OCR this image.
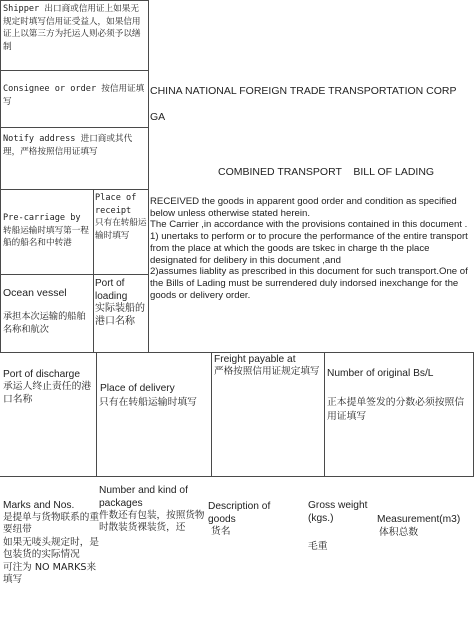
Shipper 出口商或信用证上如果无规定时填写信用证受益人，如果信用证上以第三方为托运人则必须予以缮制
Consignee or order 按信用证填写
Notify address 进口商或其代理，严格按照信用证填写
Pre-carriage by
转船运输时填写第一程船的船名和中转港
Place of receipt
只有在转船运输时填写
Ocean vessel
承担本次运输的船舶名称和航次
Port of loading
实际装船的港口名称
CHINA NATIONAL FOREIGN TRADE TRANSPORTATION CORP
GA
COMBINED TRANSPORT    BILL OF LADING
RECEIVED the goods in apparent good order and condition as specified below unless otherwise stated herein.
The Carrier ,in accordance with the provisions contained in this document .
1) unertaks to perform or to procure the performance of the entire transport from the place at which the goods are tskec in charge th the place designated for delibery in this document ,and
2)assumes liablity as prescribed in this document for such transport.One of the Bills of Lading must be surrendered duly indorsed inexchange for the goods or delivery order.
Port of discharge
承运人终止责任的港口名称
Place of delivery
只有在转船运输时填写
Freight payable at
严格按照信用证规定填写 Number of original Bs/L
正本提单签发的分数必须按照信用证填写
Marks and Nos.
是提单与货物联系的重要纽带
如果无唛头规定时，是包装货的实际情况
可注为 NO MARKS来填写
Number and kind of packages
件数还有包装，按照货物时散装货裸装货，还
Description of goods
货名
Gross weight
(kgs.)
毛重
Measurement(m3)
体积总数
